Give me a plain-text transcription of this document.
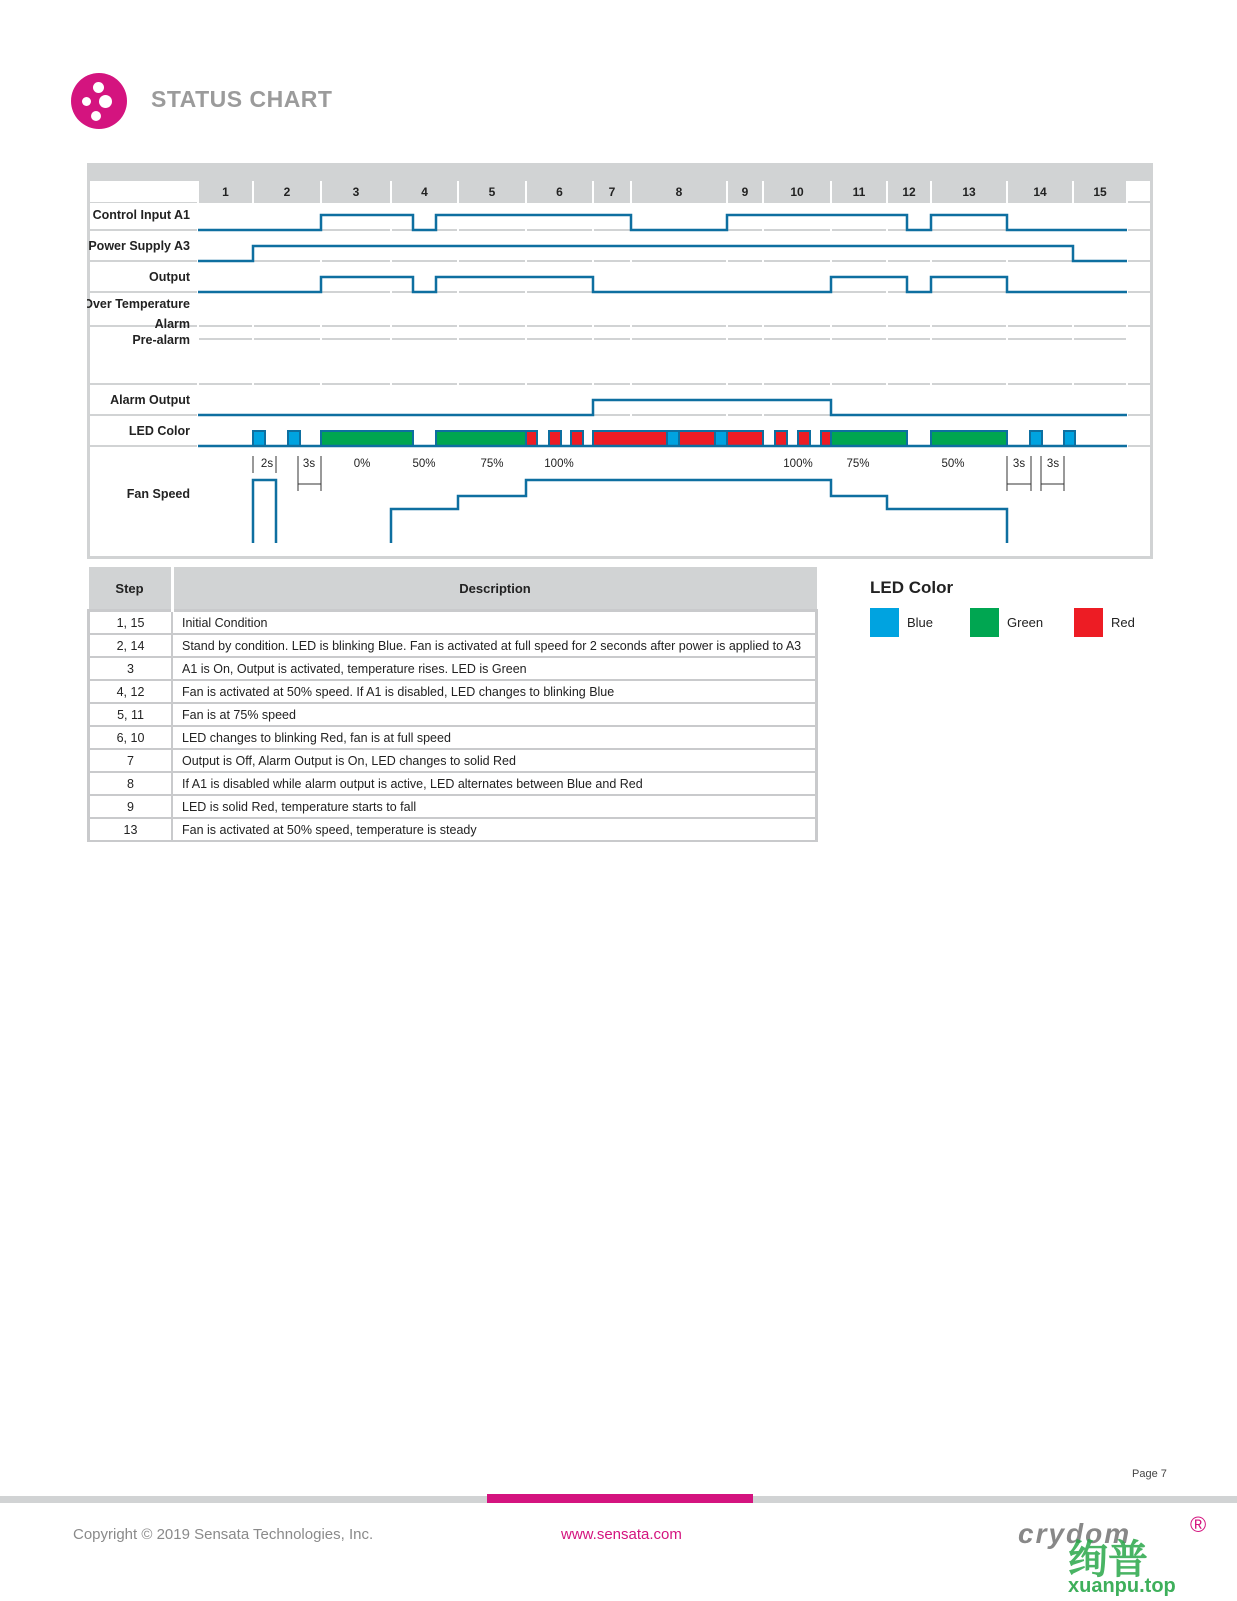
STATUS CHART
1	2	3	4	5	6	7	8	9	10	11	12	13	14	15
Control Input A1
Power Supply A3
Output
Over Temperature
Alarm
Pre-alarm
Alarm Output
LED Color
Fan Speed
2s	3s	0%	50%	75%	100%	100%	75%	50%	3s 3s
Step	Description
1, 15	Initial Condition
2, 14	Stand by condition. LED is blinking Blue. Fan is activated at full speed for 2 seconds after power is applied to A3
3	A1 is On, Output is activated, temperature rises. LED is Green
4, 12	Fan is activated at 50% speed. If A1 is disabled, LED changes to blinking Blue
5, 11	Fan is at 75% speed
6, 10	LED changes to blinking Red, fan is at full speed
7	Output is Off, Alarm Output is On, LED changes to solid Red
8	If A1 is disabled while alarm output is active, LED alternates between Blue and Red
9	LED is solid Red, temperature starts to fall
13	Fan is activated at 50% speed, temperature is steady
LED Color
Blue	Green	Red
Page 7
Copyright © 2019 Sensata Technologies, Inc.	www.sensata.com	crydom	®
绚普
xuanpu.top
